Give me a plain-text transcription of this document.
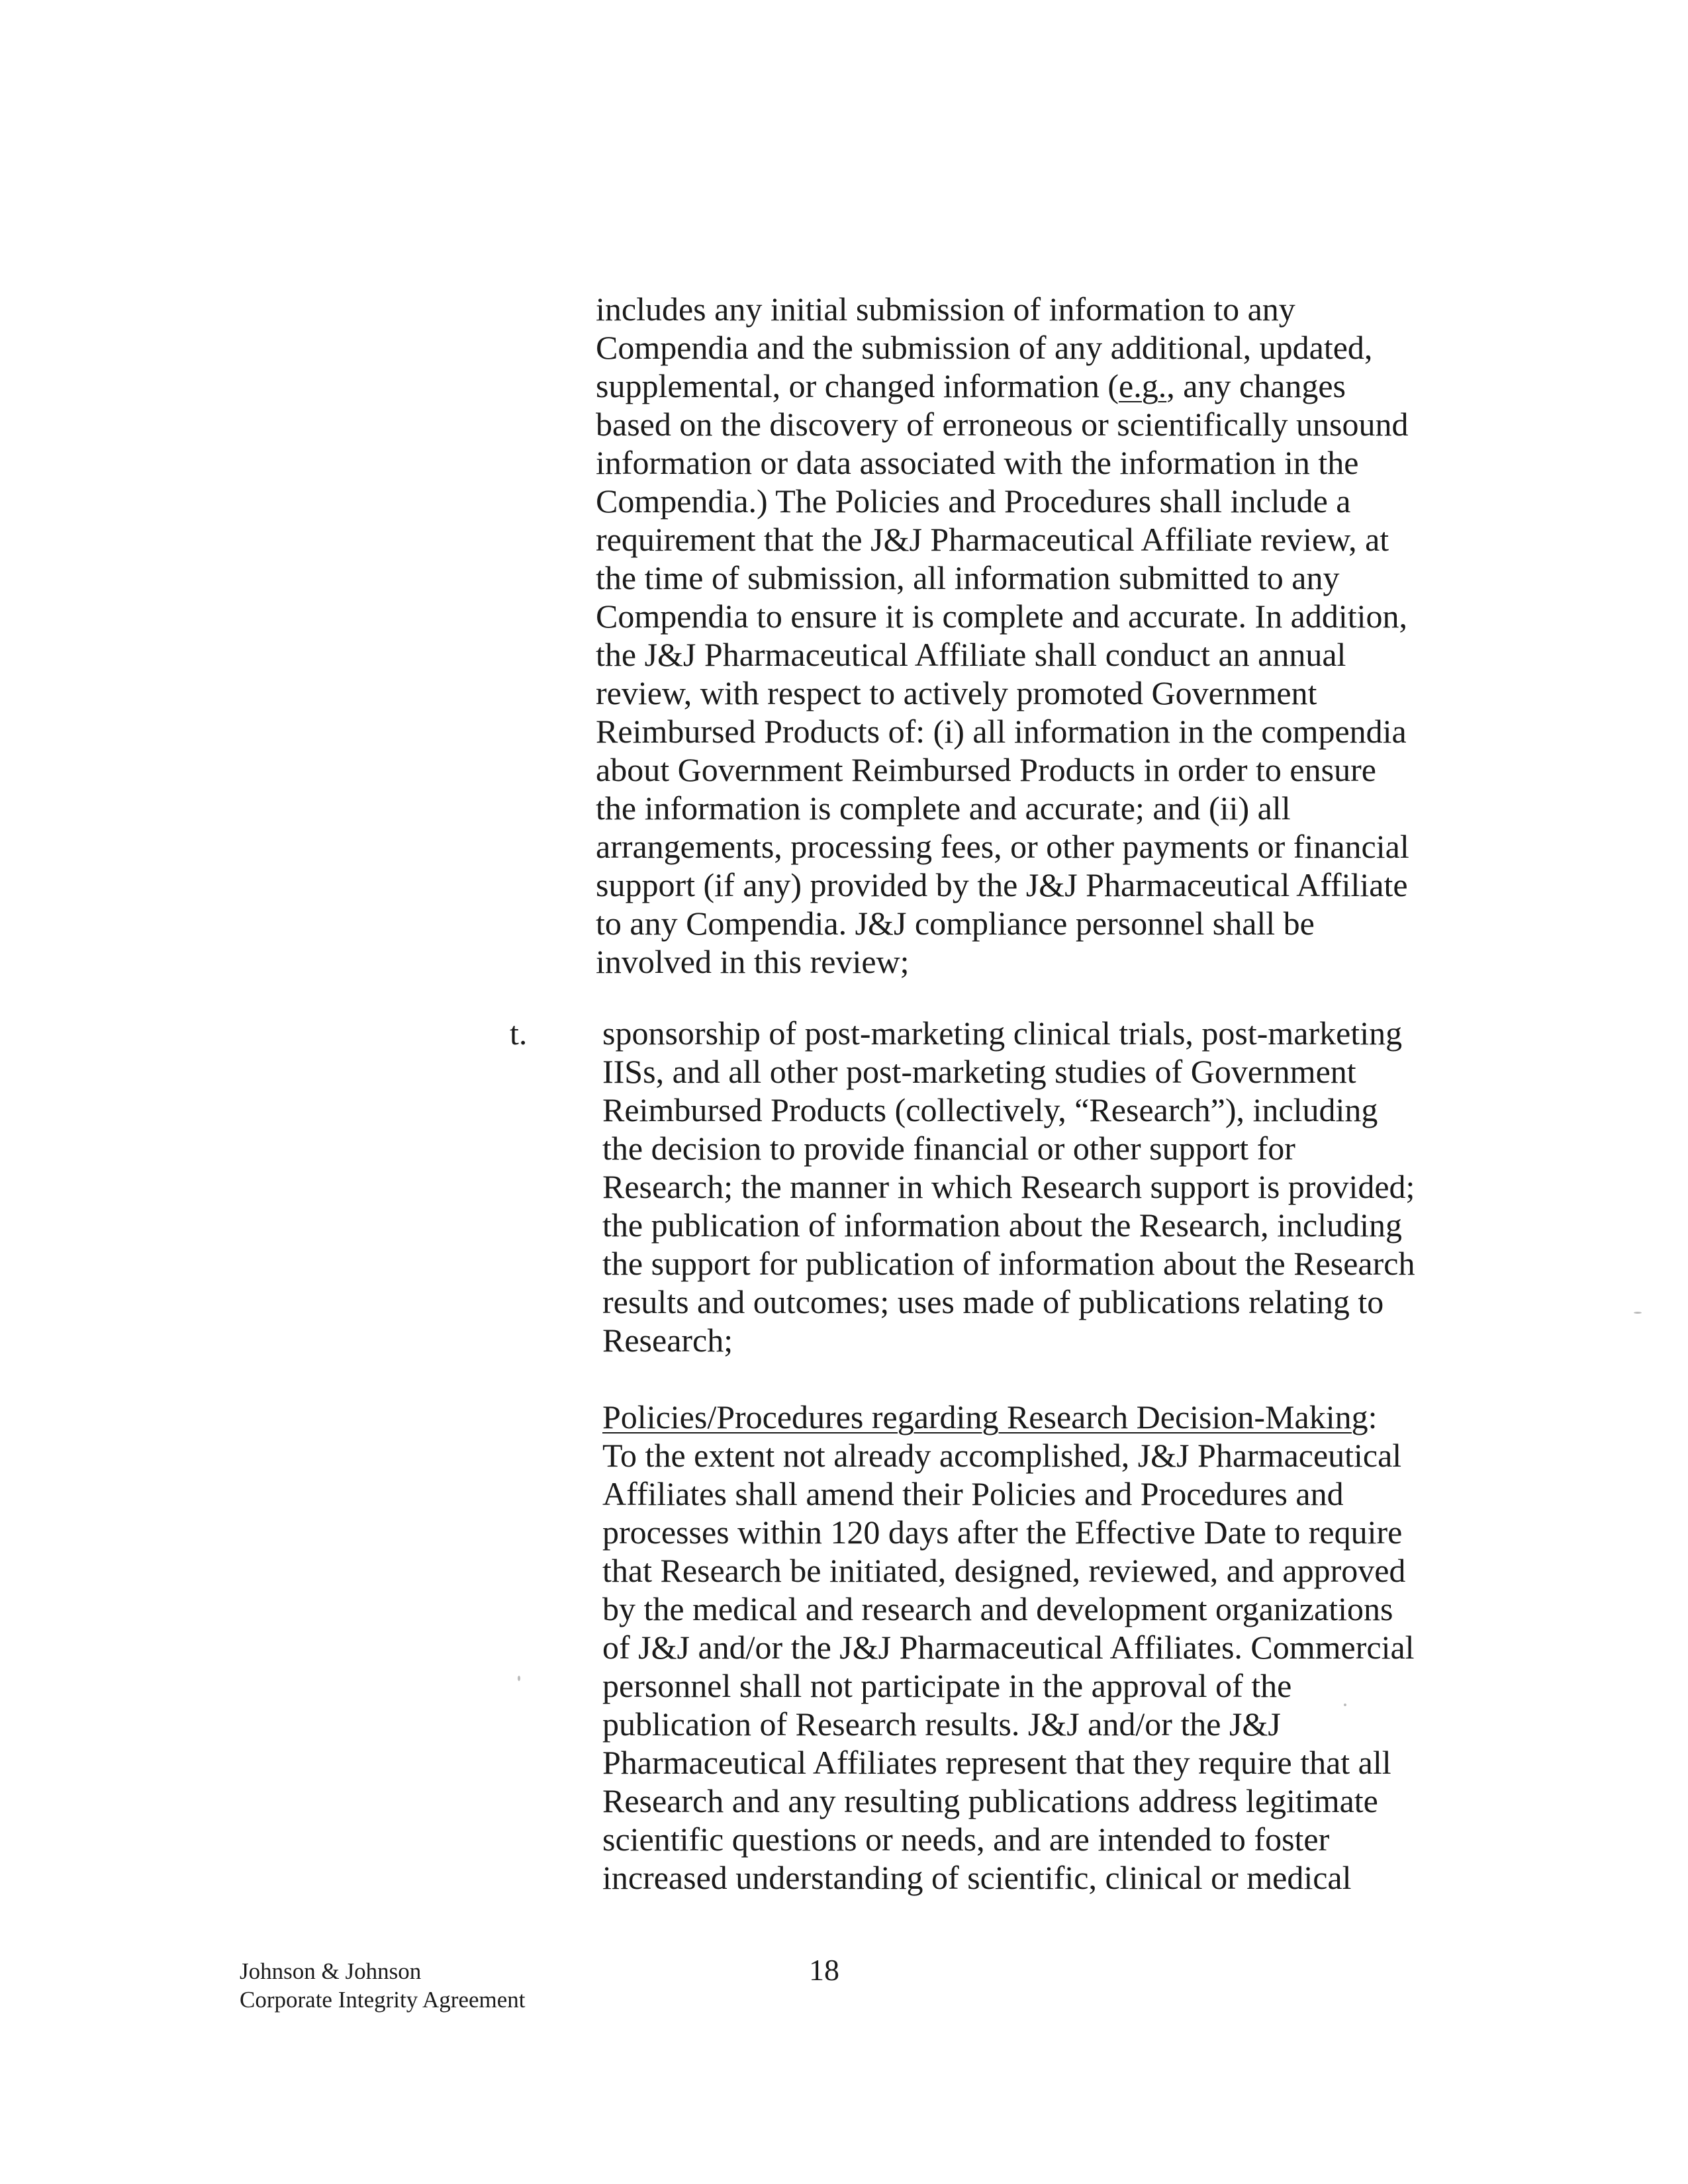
includes any initial submission of information to any
Compendia and the submission of any additional, updated,
supplemental, or changed information (e.g., any changes
based on the discovery of erroneous or scientifically unsound
information or data associated with the information in the
Compendia.) The Policies and Procedures shall include a
requirement that the J&J Pharmaceutical Affiliate review, at
the time of submission, all information submitted to any
Compendia to ensure it is complete and accurate. In addition,
the J&J Pharmaceutical Affiliate shall conduct an annual
review, with respect to actively promoted Government
Reimbursed Products of: (i) all information in the compendia
about Government Reimbursed Products in order to ensure
the information is complete and accurate; and (ii) all
arrangements, processing fees, or other payments or financial
support (if any) provided by the J&J Pharmaceutical Affiliate
to any Compendia. J&J compliance personnel shall be
involved in this review;
t. sponsorship of post-marketing clinical trials, post-marketing
IISs, and all other post-marketing studies of Government
Reimbursed Products (collectively, “Research”), including
the decision to provide financial or other support for
Research; the manner in which Research support is provided;
the publication of information about the Research, including
the support for publication of information about the Research
results and outcomes; uses made of publications relating to
Research;
Policies/Procedures regarding Research Decision-Making:
To the extent not already accomplished, J&J Pharmaceutical
Affiliates shall amend their Policies and Procedures and
processes within 120 days after the Effective Date to require
that Research be initiated, designed, reviewed, and approved
by the medical and research and development organizations
of J&J and/or the J&J Pharmaceutical Affiliates. Commercial
personnel shall not participate in the approval of the
publication of Research results. J&J and/or the J&J
Pharmaceutical Affiliates represent that they require that all
Research and any resulting publications address legitimate
scientific questions or needs, and are intended to foster
increased understanding of scientific, clinical or medical
Johnson & Johnson
Corporate Integrity Agreement
18
